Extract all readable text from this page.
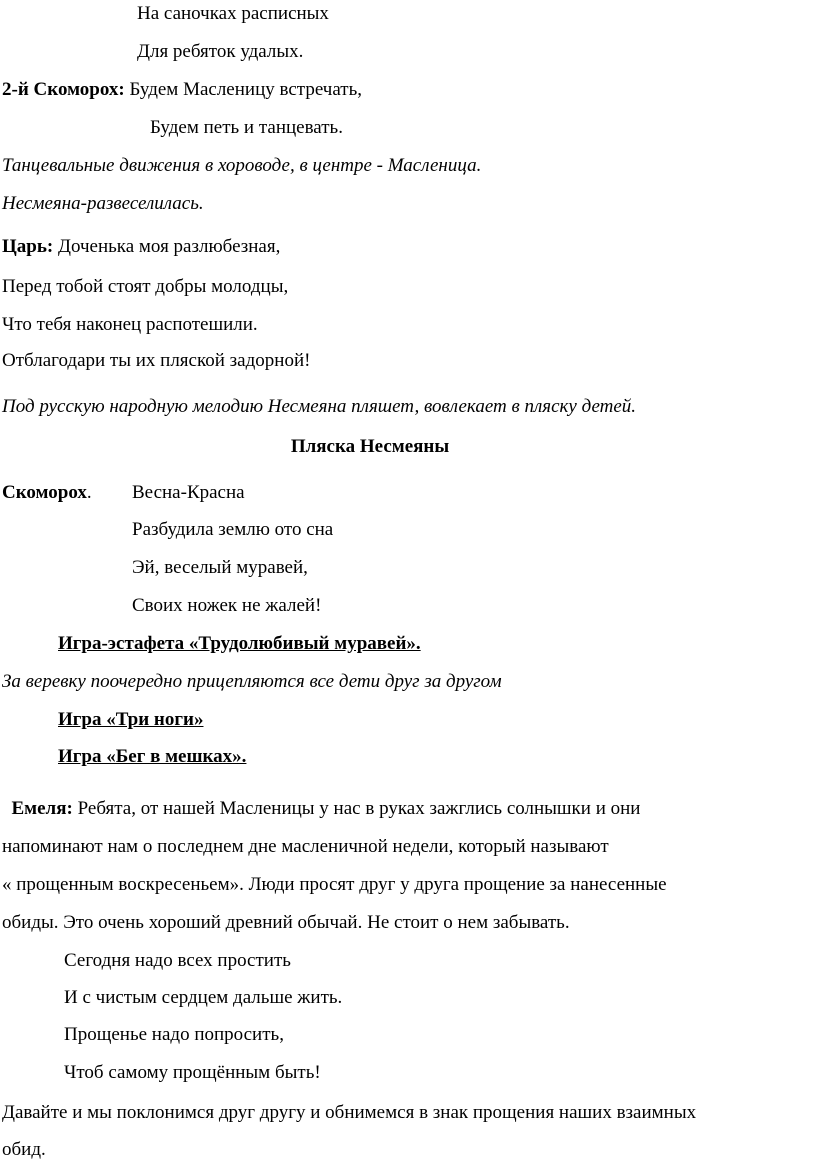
На саночках расписных
Для ребяток удалых.
2-й Скоморох: Будем Масленицу встречать,
Будем петь и танцевать.
Танцевальные движения в хороводе, в центре - Масленица.
Несмеяна-развеселилась.
Царь: Доченька моя разлюбезная,
Перед тобой стоят добры молодцы,
Что тебя наконец распотешили.
Отблагодари ты их пляской задорной!
Под русскую народную мелодию Несмеяна пляшет, вовлекает в пляску детей.
Пляска Несмеяны
Скоморох. Весна-Красна
Разбудила землю ото сна
Эй, веселый муравей,
Своих ножек не жалей!
Игра-эстафета «Трудолюбивый муравей».
За веревку поочередно прицепляются все дети друг за другом
Игра «Три ноги»
Игра «Бег в мешках».
Емеля: Ребята, от нашей Масленицы у нас в руках зажглись солнышки и они
напоминают нам о последнем дне масленичной недели, который называют
« прощенным воскресеньем». Люди просят друг у друга прощение за нанесенные
обиды. Это очень хороший древний обычай. Не стоит о нем забывать.
Сегодня надо всех простить
И с чистым сердцем дальше жить.
Прощенье надо попросить,
Чтоб самому прощённым быть!
Давайте и мы поклонимся друг другу и обнимемся в знак прощения наших взаимных
обид.
